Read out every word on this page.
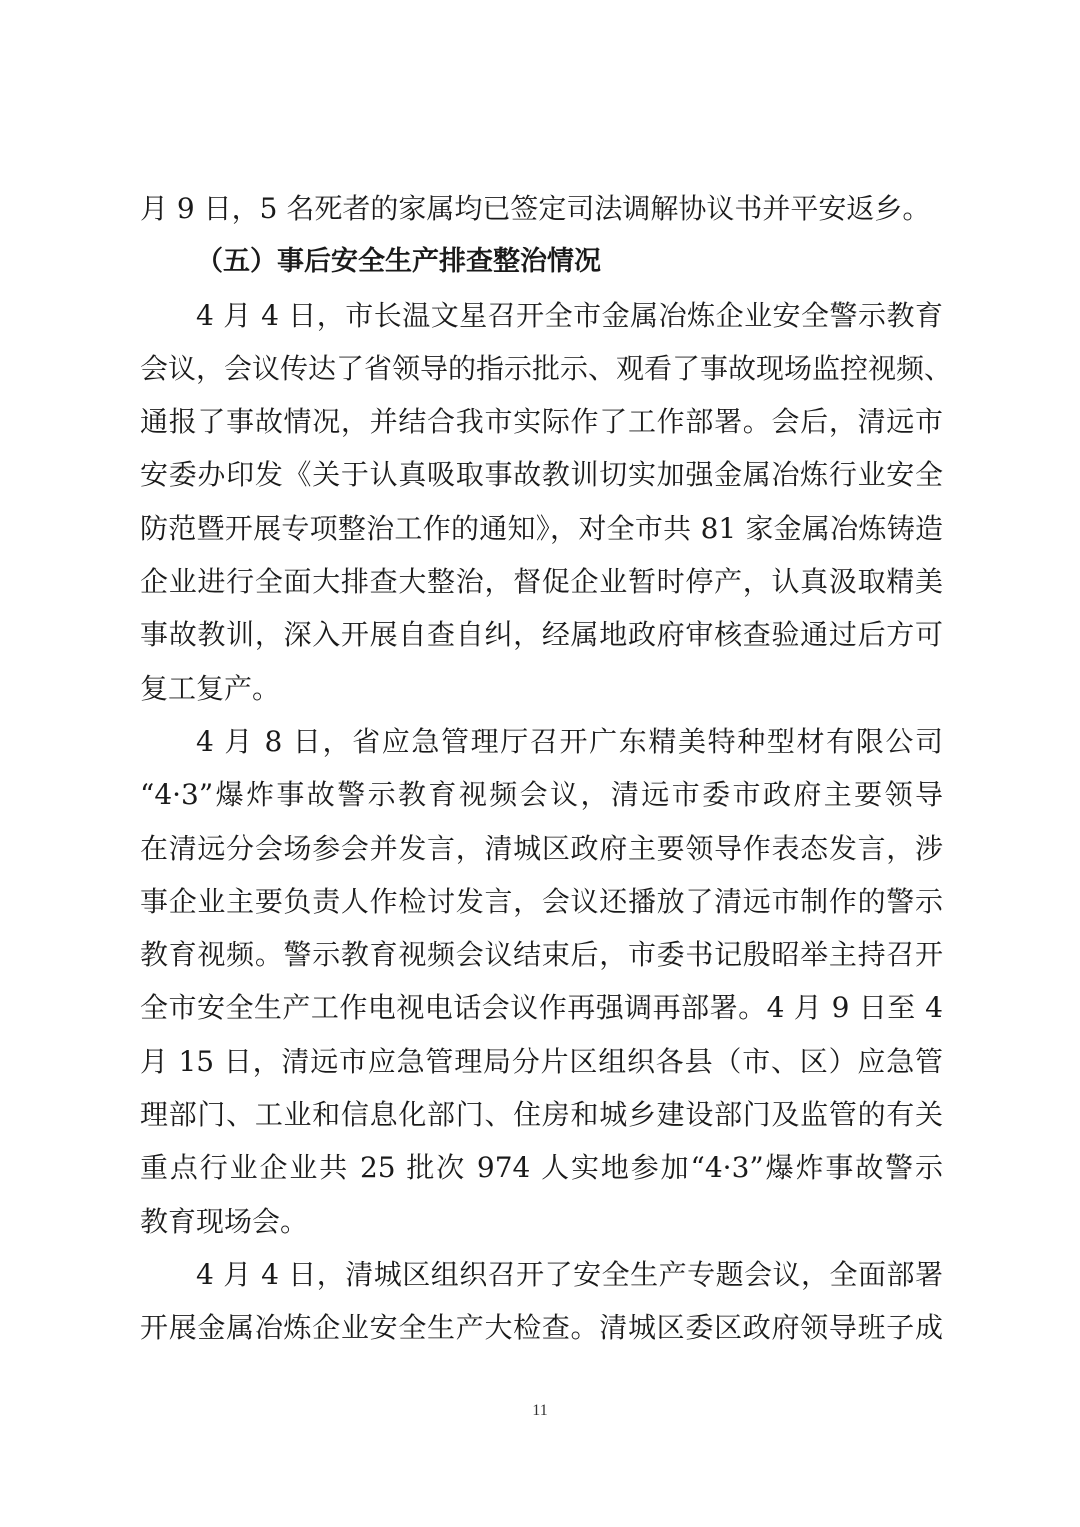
月 9 日，5 名死者的家属均已签定司法调解协议书并平安返乡。
（五）事后安全生产排查整治情况
4 月 4 日，市长温文星召开全市金属冶炼企业安全警示教育
会议，会议传达了省领导的指示批示、观看了事故现场监控视频、
通报了事故情况，并结合我市实际作了工作部署。会后，清远市
安委办印发《关于认真吸取事故教训切实加强金属冶炼行业安全
防范暨开展专项整治工作的通知》，对全市共 81 家金属冶炼铸造
企业进行全面大排查大整治，督促企业暂时停产，认真汲取精美
事故教训，深入开展自查自纠，经属地政府审核查验通过后方可
复工复产。
4 月 8 日，省应急管理厅召开广东精美特种型材有限公司
“4·3”爆炸事故警示教育视频会议，清远市委市政府主要领导
在清远分会场参会并发言，清城区政府主要领导作表态发言，涉
事企业主要负责人作检讨发言，会议还播放了清远市制作的警示
教育视频。警示教育视频会议结束后，市委书记殷昭举主持召开
全市安全生产工作电视电话会议作再强调再部署。4 月 9 日至 4
月 15 日，清远市应急管理局分片区组织各县（市、区）应急管
理部门、工业和信息化部门、住房和城乡建设部门及监管的有关
重点行业企业共 25 批次 974 人实地参加“4·3”爆炸事故警示
教育现场会。
4 月 4 日，清城区组织召开了安全生产专题会议，全面部署
开展金属冶炼企业安全生产大检查。清城区委区政府领导班子成
11
